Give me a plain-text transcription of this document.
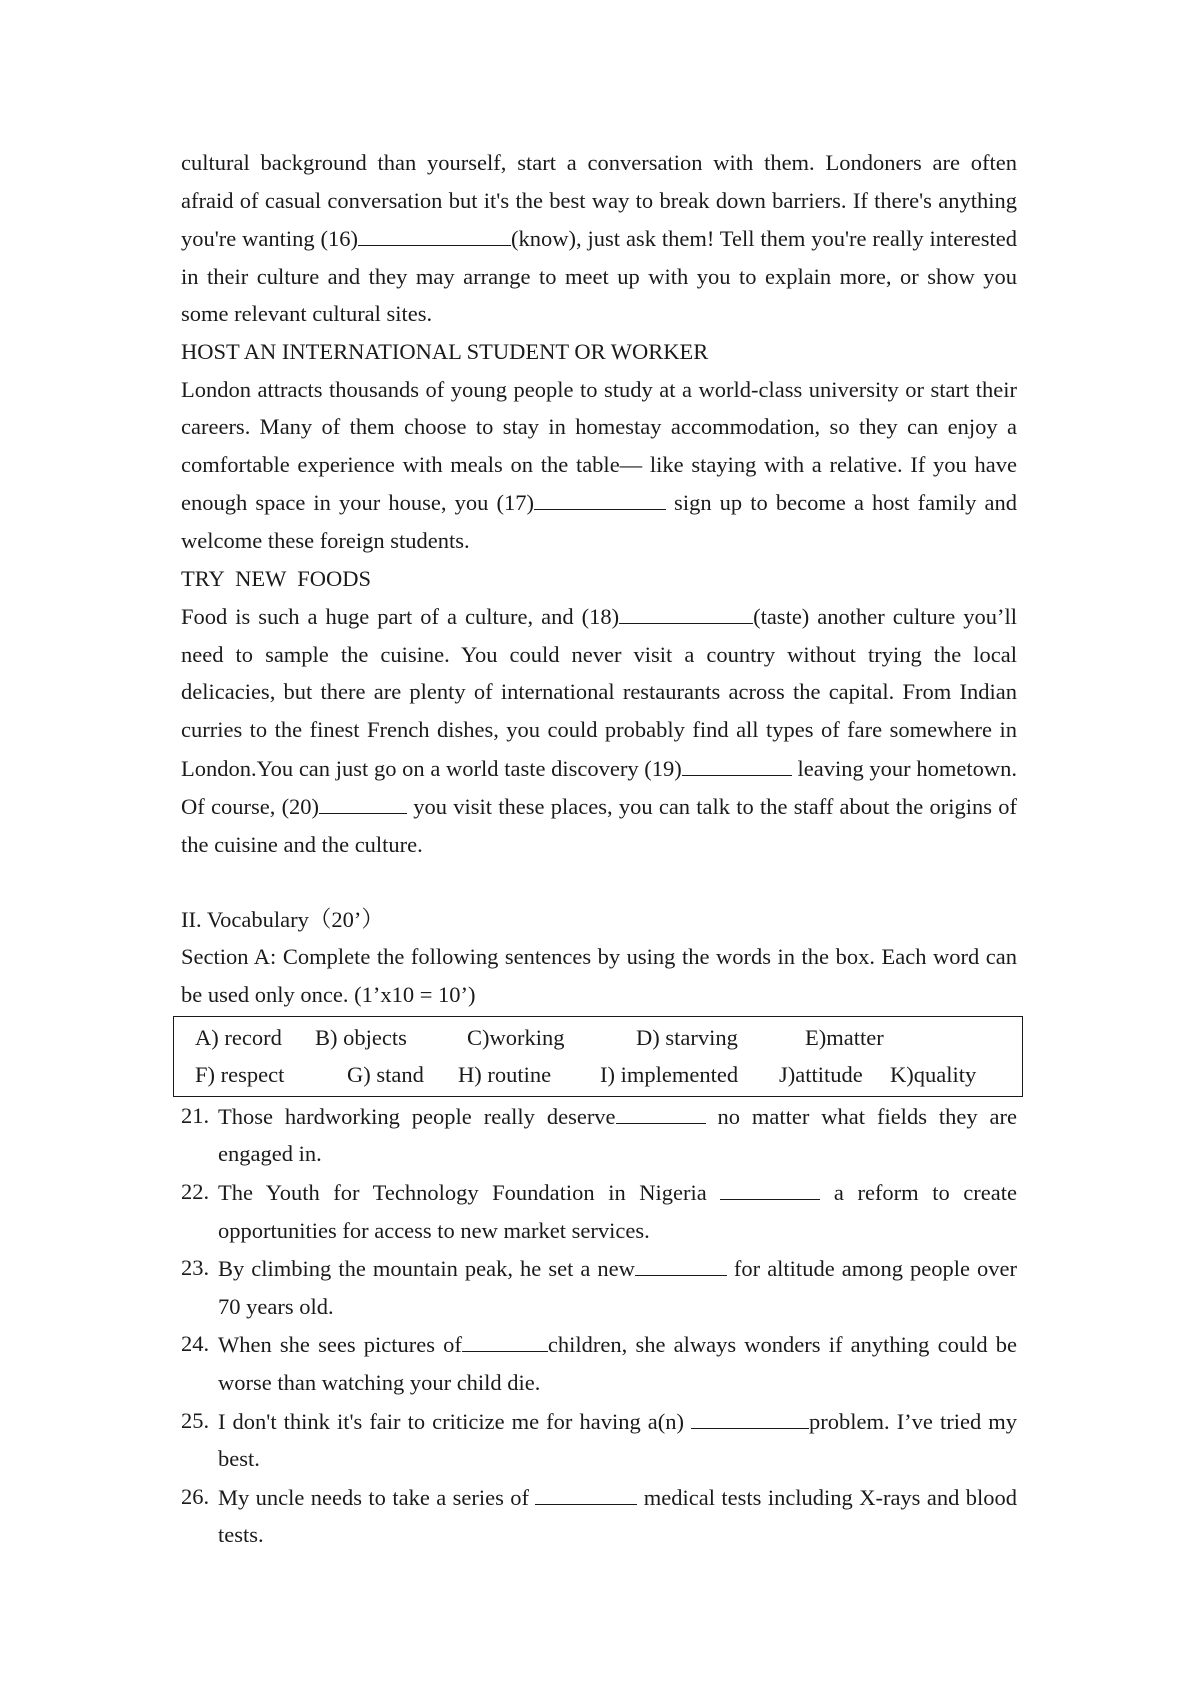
cultural background than yourself, start a conversation with them. Londoners are often afraid of casual conversation but it's the best way to break down barriers. If there's anything you're wanting (16)	(know), just ask them! Tell them you're really interested in their culture and they may arrange to meet up with you to explain more, or show you some relevant cultural sites.

HOST AN INTERNATIONAL STUDENT OR WORKER

London attracts thousands of young people to study at a world-class university or start their careers. Many of them choose to stay in homestay accommodation, so they can enjoy a comfortable experience with meals on the table— like staying with a relative. If you have enough space in your house, you (17)	sign up to become a host family and welcome these foreign students.

TRY  NEW  FOODS

Food is such a huge part of a culture, and (18)	(taste) another culture you’ll need to sample the cuisine. You could never visit a country without trying the local delicacies, but there are plenty of international restaurants across the capital. From Indian curries to the finest French dishes, you could probably find all types of fare somewhere in London.You can just go on a world taste discovery (19)	leaving your hometown. Of course, (20)	you visit these places, you can talk to the staff about the origins of the cuisine and the culture.

II. Vocabulary（20’）

Section A: Complete the following sentences by using the words in the box. Each word can be used only once. (1’x10 = 10’)

A) record B) objects	C)working	D) starving	E)matter
F) respect	G) stand H) routine I) implemented J)attitude K)quality

21. Those hardworking people really deserve	no matter what fields they are engaged in.

22. The Youth for Technology Foundation in Nigeria	a reform to create opportunities for access to new market services.

23. By climbing the mountain peak, he set a new	for altitude among people over 70 years old.

24. When she sees pictures of	children, she always wonders if anything could be worse than watching your child die.

25. I don't think it's fair to criticize me for having a(n)	problem. I’ve tried my best.

26. My uncle needs to take a series of	medical tests including X-rays and blood tests.
